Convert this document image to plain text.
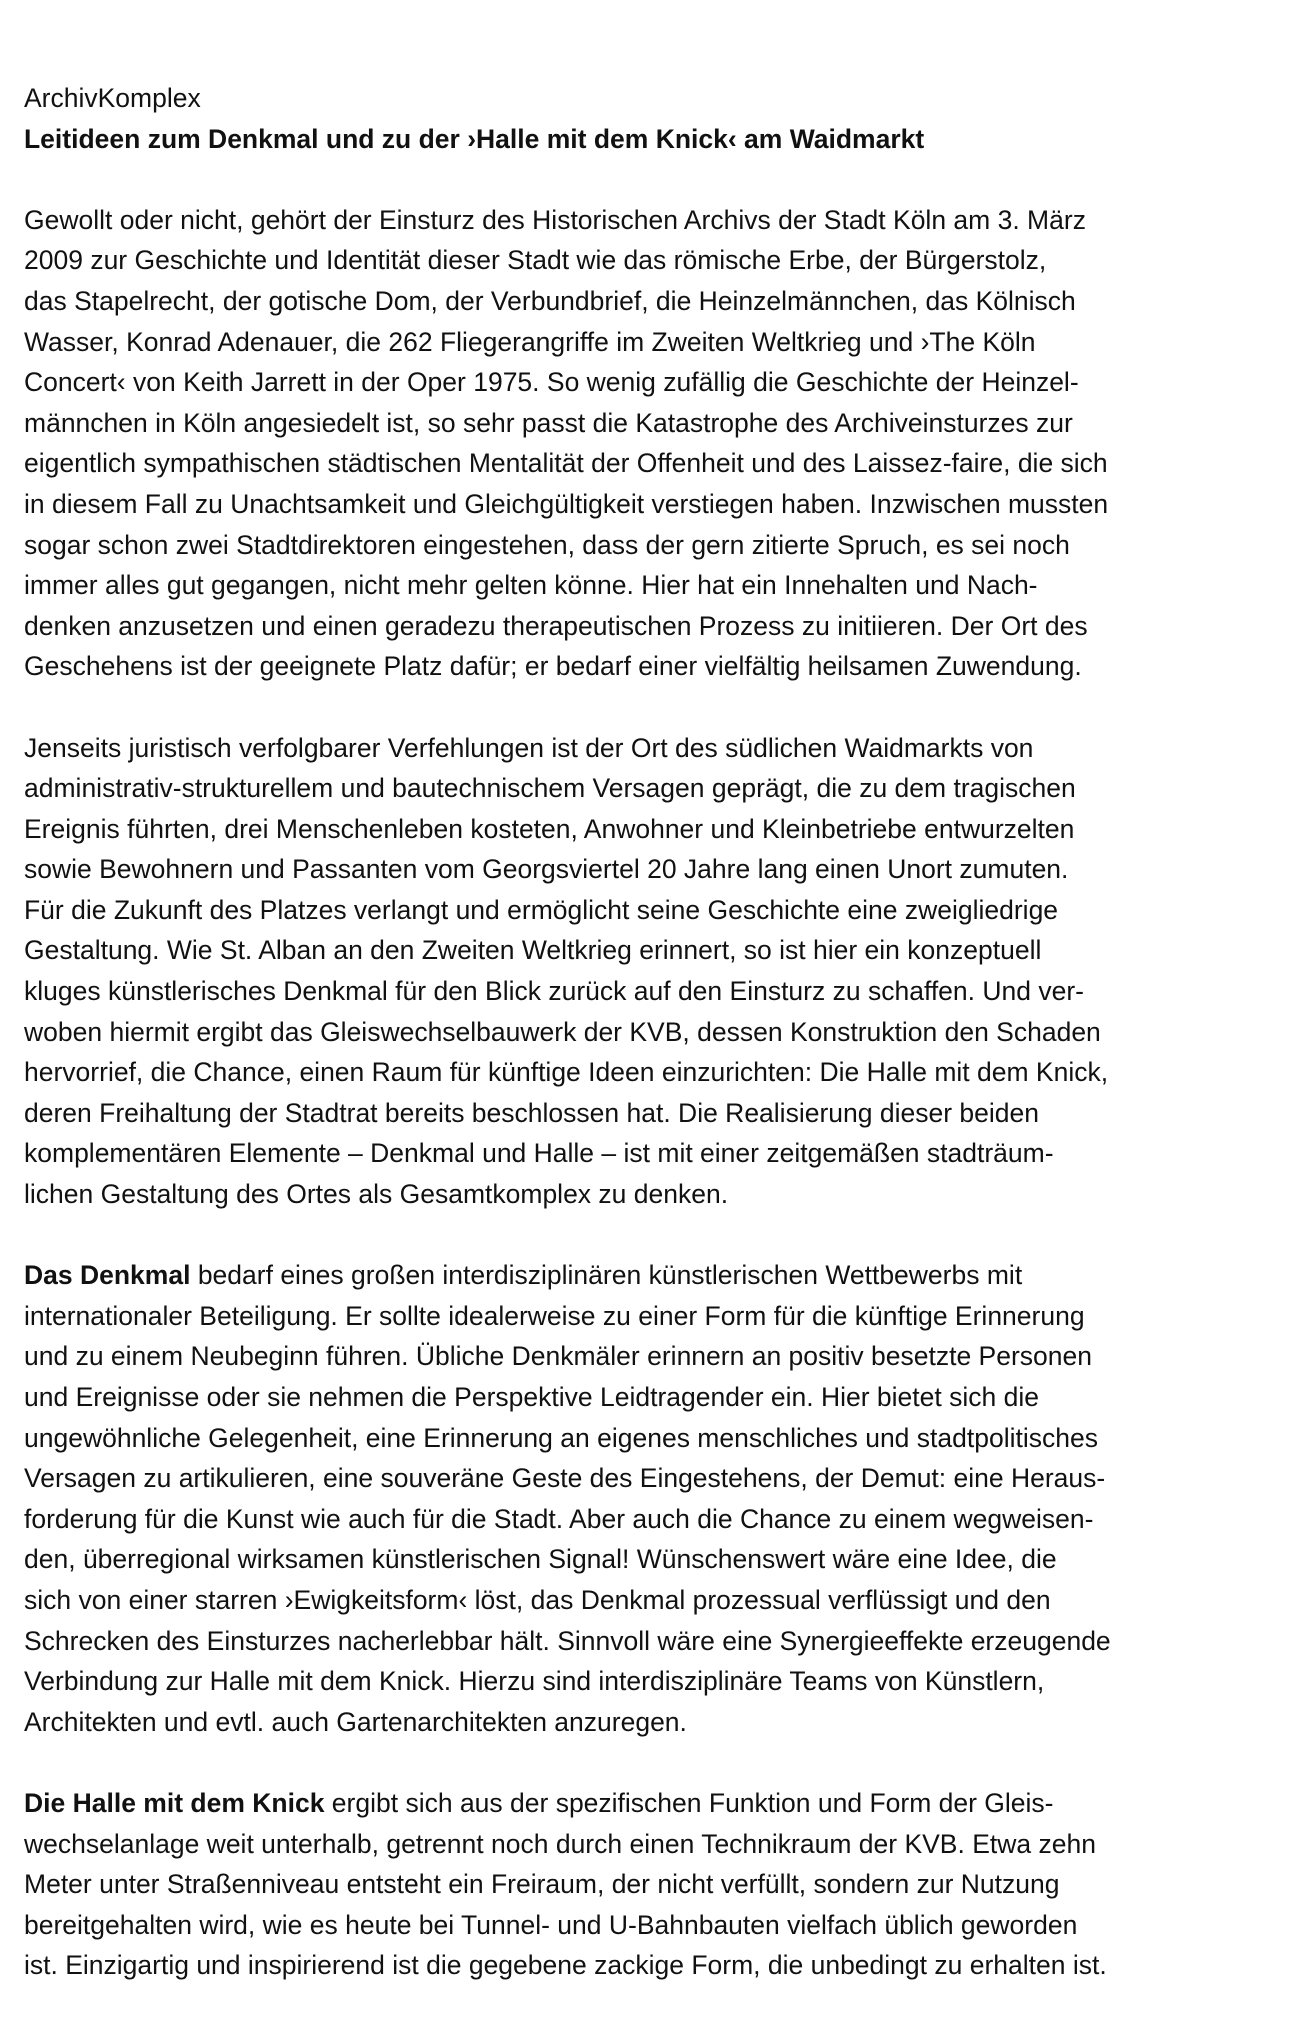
ArchivKomplex
Leitideen zum Denkmal und zu der ›Halle mit dem Knick‹ am Waidmarkt
Gewollt oder nicht, gehört der Einsturz des Historischen Archivs der Stadt Köln am 3. März
2009 zur Geschichte und Identität dieser Stadt wie das römische Erbe, der Bürgerstolz,
das Stapelrecht, der gotische Dom, der Verbundbrief, die Heinzelmännchen, das Kölnisch
Wasser, Konrad Adenauer, die 262 Fliegerangriffe im Zweiten Weltkrieg und ›The Köln
Concert‹ von Keith Jarrett in der Oper 1975. So wenig zufällig die Geschichte der Heinzel-
männchen in Köln angesiedelt ist, so sehr passt die Katastrophe des Archiveinsturzes zur
eigentlich sympathischen städtischen Mentalität der Offenheit und des Laissez-faire, die sich
in diesem Fall zu Unachtsamkeit und Gleichgültigkeit verstiegen haben. Inzwischen mussten
sogar schon zwei Stadtdirektoren eingestehen, dass der gern zitierte Spruch, es sei noch
immer alles gut gegangen, nicht mehr gelten könne. Hier hat ein Innehalten und Nach-
denken anzusetzen und einen geradezu therapeutischen Prozess zu initiieren. Der Ort des
Geschehens ist der geeignete Platz dafür; er bedarf einer vielfältig heilsamen Zuwendung.
Jenseits juristisch verfolgbarer Verfehlungen ist der Ort des südlichen Waidmarkts von
administrativ-strukturellem und bautechnischem Versagen geprägt, die zu dem tragischen
Ereignis führten, drei Menschenleben kosteten, Anwohner und Kleinbetriebe entwurzelten
sowie Bewohnern und Passanten vom Georgsviertel 20 Jahre lang einen Unort zumuten.
Für die Zukunft des Platzes verlangt und ermöglicht seine Geschichte eine zweigliedrige
Gestaltung. Wie St. Alban an den Zweiten Weltkrieg erinnert, so ist hier ein konzeptuell
kluges künstlerisches Denkmal für den Blick zurück auf den Einsturz zu schaffen. Und ver-
woben hiermit ergibt das Gleiswechselbauwerk der KVB, dessen Konstruktion den Schaden
hervorrief, die Chance, einen Raum für künftige Ideen einzurichten: Die Halle mit dem Knick,
deren Freihaltung der Stadtrat bereits beschlossen hat. Die Realisierung dieser beiden
komplementären Elemente – Denkmal und Halle – ist mit einer zeitgemäßen stadträum-
lichen Gestaltung des Ortes als Gesamtkomplex zu denken.
Das Denkmal bedarf eines großen interdisziplinären künstlerischen Wettbewerbs mit
internationaler Beteiligung. Er sollte idealerweise zu einer Form für die künftige Erinnerung
und zu einem Neubeginn führen. Übliche Denkmäler erinnern an positiv besetzte Personen
und Ereignisse oder sie nehmen die Perspektive Leidtragender ein. Hier bietet sich die
ungewöhnliche Gelegenheit, eine Erinnerung an eigenes menschliches und stadtpolitisches
Versagen zu artikulieren, eine souveräne Geste des Eingestehens, der Demut: eine Heraus-
forderung für die Kunst wie auch für die Stadt. Aber auch die Chance zu einem wegweisen-
den, überregional wirksamen künstlerischen Signal! Wünschenswert wäre eine Idee, die
sich von einer starren ›Ewigkeitsform‹ löst, das Denkmal prozessual verflüssigt und den
Schrecken des Einsturzes nacherlebbar hält. Sinnvoll wäre eine Synergieeffekte erzeugende
Verbindung zur Halle mit dem Knick. Hierzu sind interdisziplinäre Teams von Künstlern,
Architekten und evtl. auch Gartenarchitekten anzuregen.
Die Halle mit dem Knick ergibt sich aus der spezifischen Funktion und Form der Gleis-
wechselanlage weit unterhalb, getrennt noch durch einen Technikraum der KVB. Etwa zehn
Meter unter Straßenniveau entsteht ein Freiraum, der nicht verfüllt, sondern zur Nutzung
bereitgehalten wird, wie es heute bei Tunnel- und U-Bahnbauten vielfach üblich geworden
ist. Einzigartig und inspirierend ist die gegebene zackige Form, die unbedingt zu erhalten ist.
